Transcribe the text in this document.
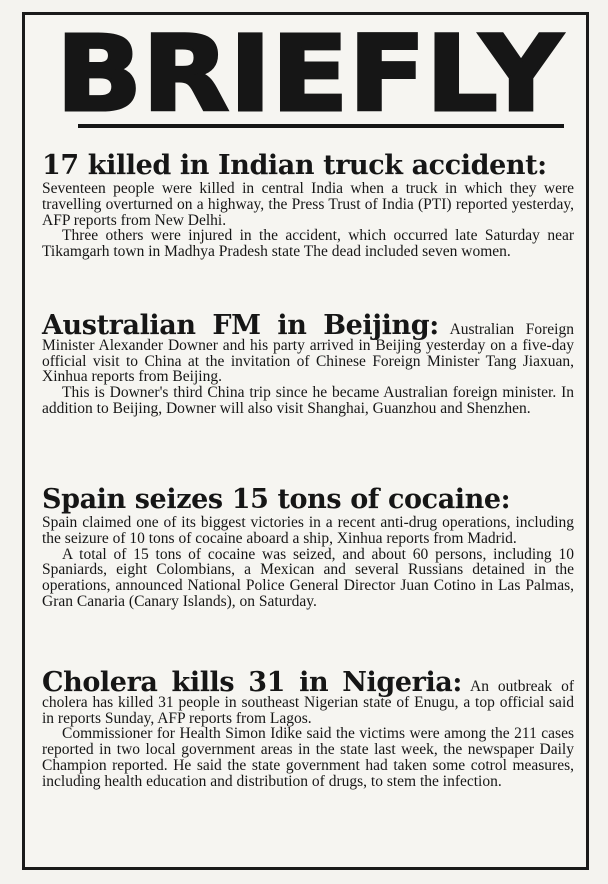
BRIEFLY
17 killed in Indian truck accident:

Seventeen people were killed in central India when a truck in which they were travelling overturned on a highway, the Press Trust of India (PTI) reported yesterday, AFP reports from New Delhi.

Three others were injured in the accident, which occurred late Saturday near Tikamgarh town in Madhya Pradesh state The dead included seven women.

Australian FM in Beijing: Australian Foreign Minister Alexander Downer and his party arrived in Beijing yesterday on a five-day official visit to China at the invitation of Chinese Foreign Minister Tang Jiaxuan, Xinhua reports from Beijing.

This is Downer's third China trip since he became Australian foreign minister. In addition to Beijing, Downer will also visit Shanghai, Guanzhou and Shenzhen.

Spain seizes 15 tons of cocaine:

Spain claimed one of its biggest victories in a recent anti-drug operations, including the seizure of 10 tons of cocaine aboard a ship, Xinhua reports from Madrid.

A total of 15 tons of cocaine was seized, and about 60 persons, including 10 Spaniards, eight Colombians, a Mexican and several Russians detained in the operations, announced National Police General Director Juan Cotino in Las Palmas, Gran Canaria (Canary Islands), on Saturday.

Cholera kills 31 in Nigeria: An outbreak of cholera has killed 31 people in southeast Nigerian state of Enugu, a top official said in reports Sunday, AFP reports from Lagos.

Commissioner for Health Simon Idike said the victims were among the 211 cases reported in two local government areas in the state last week, the newspaper Daily Champion reported. He said the state government had taken some cotrol measures, including health education and distribution of drugs, to stem the infection.
